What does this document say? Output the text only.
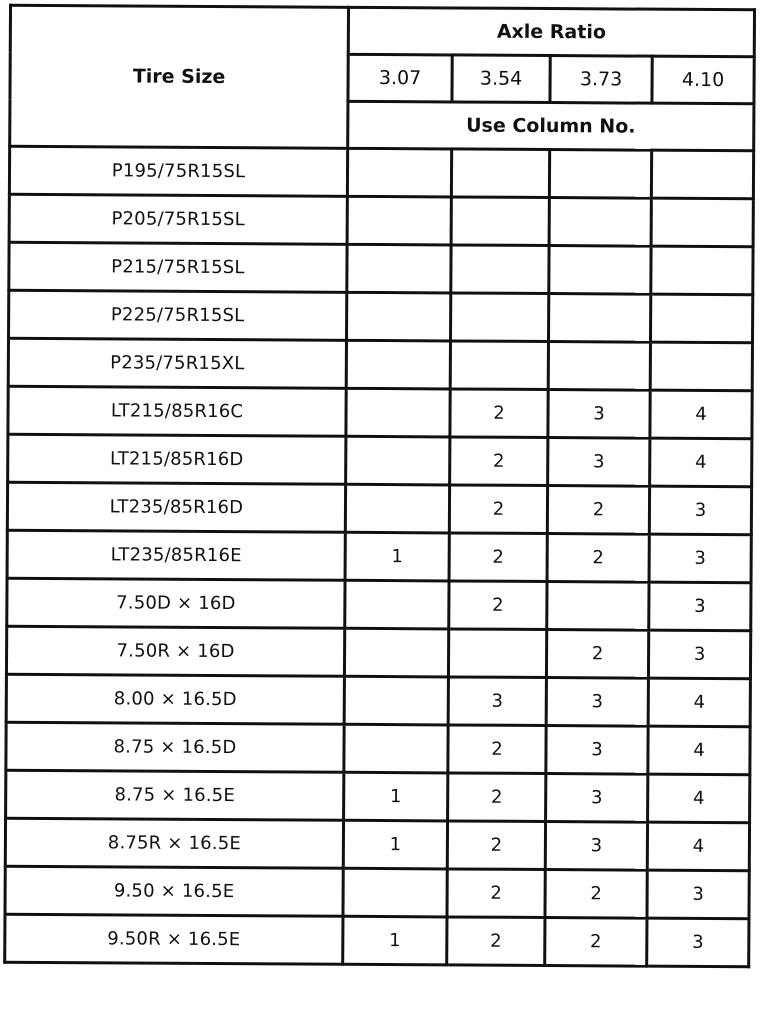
Tire Size	Axle Ratio			
	3.07	3.54	3.73	4.10
	Use Column No.			
P195/75R15SL				
P205/75R15SL				
P215/75R15SL				
P225/75R15SL				
P235/75R15XL				
LT215/85R16C		2	3	4
LT215/85R16D		2	3	4
LT235/85R16D		2	2	3
LT235/85R16E	1	2	2	3
7.50D × 16D		2		3
7.50R × 16D			2	3
8.00 × 16.5D		3	3	4
8.75 × 16.5D		2	3	4
8.75 × 16.5E	1	2	3	4
8.75R × 16.5E	1	2	3	4
9.50 × 16.5E		2	2	3
9.50R × 16.5E	1	2	2	3
